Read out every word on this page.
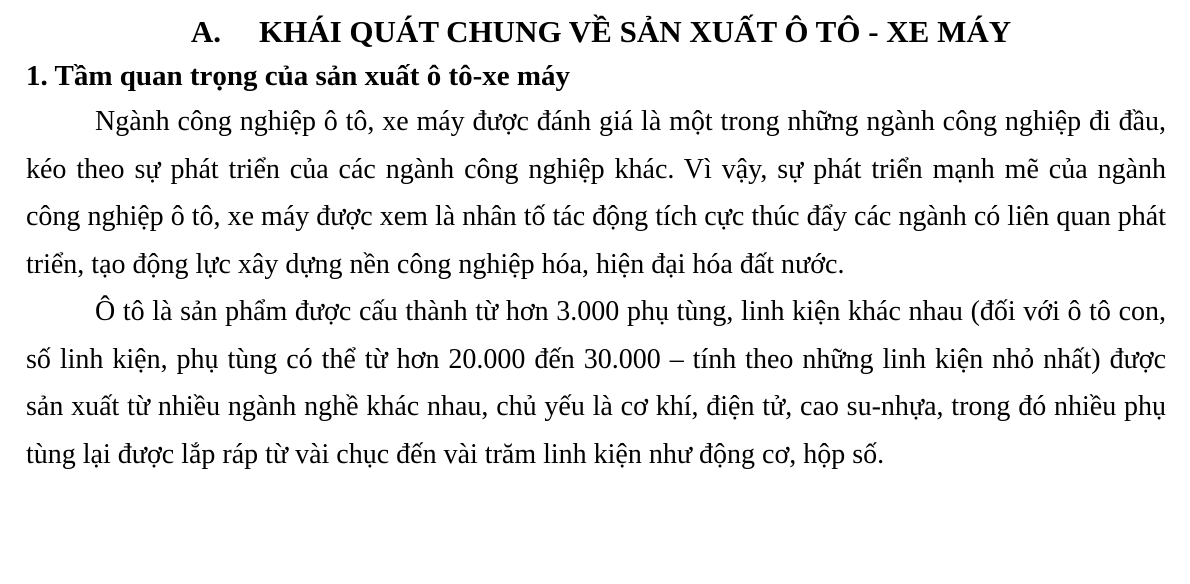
A. KHÁI QUÁT CHUNG VỀ SẢN XUẤT Ô TÔ - XE MÁY
1. Tầm quan trọng của sản xuất ô tô-xe máy

Ngành công nghiệp ô tô, xe máy được đánh giá là một trong những ngành công nghiệp đi đầu, kéo theo sự phát triển của các ngành công nghiệp khác. Vì vậy, sự phát triển mạnh mẽ của ngành công nghiệp ô tô, xe máy được xem là nhân tố tác động tích cực thúc đẩy các ngành có liên quan phát triển, tạo động lực xây dựng nền công nghiệp hóa, hiện đại hóa đất nước.

Ô tô là sản phẩm được cấu thành từ hơn 3.000 phụ tùng, linh kiện khác nhau (đối với ô tô con, số linh kiện, phụ tùng có thể từ hơn 20.000 đến 30.000 – tính theo những linh kiện nhỏ nhất) được sản xuất từ nhiều ngành nghề khác nhau, chủ yếu là cơ khí, điện tử, cao su-nhựa, trong đó nhiều phụ tùng lại được lắp ráp từ vài chục đến vài trăm linh kiện như động cơ, hộp số.
